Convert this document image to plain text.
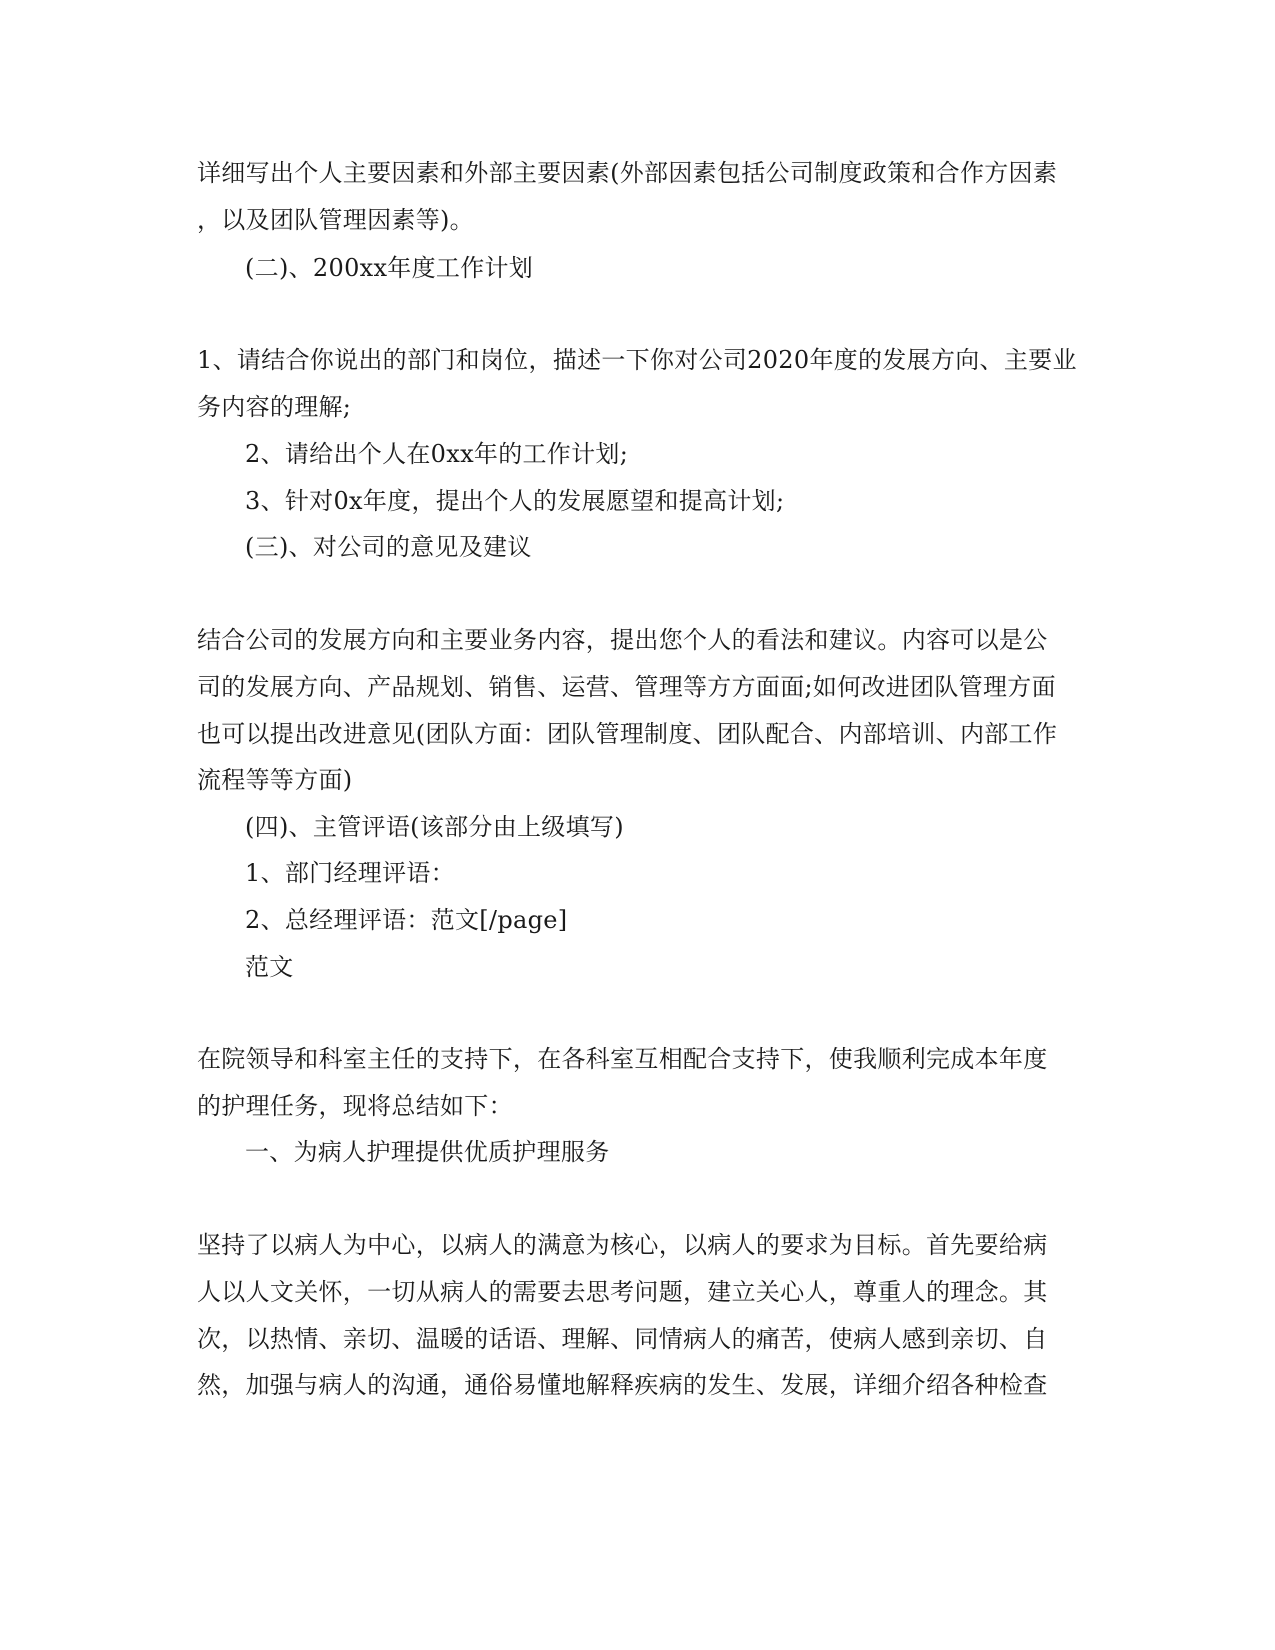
详细写出个人主要因素和外部主要因素(外部因素包括公司制度政策和合作方因素
，以及团队管理因素等)。
(二)、200xx年度工作计划
1、请结合你说出的部门和岗位，描述一下你对公司2020年度的发展方向、主要业
务内容的理解;
2、请给出个人在0xx年的工作计划;
3、针对0x年度，提出个人的发展愿望和提高计划;
(三)、对公司的意见及建议
结合公司的发展方向和主要业务内容，提出您个人的看法和建议。内容可以是公
司的发展方向、产品规划、销售、运营、管理等方方面面;如何改进团队管理方面
也可以提出改进意见(团队方面：团队管理制度、团队配合、内部培训、内部工作
流程等等方面)
(四)、主管评语(该部分由上级填写)
1、部门经理评语：
2、总经理评语：范文[/page]
范文
在院领导和科室主任的支持下，在各科室互相配合支持下，使我顺利完成本年度
的护理任务，现将总结如下：
一、为病人护理提供优质护理服务
坚持了以病人为中心，以病人的满意为核心，以病人的要求为目标。首先要给病
人以人文关怀，一切从病人的需要去思考问题，建立关心人，尊重人的理念。其
次，以热情、亲切、温暖的话语、理解、同情病人的痛苦，使病人感到亲切、自
然，加强与病人的沟通，通俗易懂地解释疾病的发生、发展，详细介绍各种检查
